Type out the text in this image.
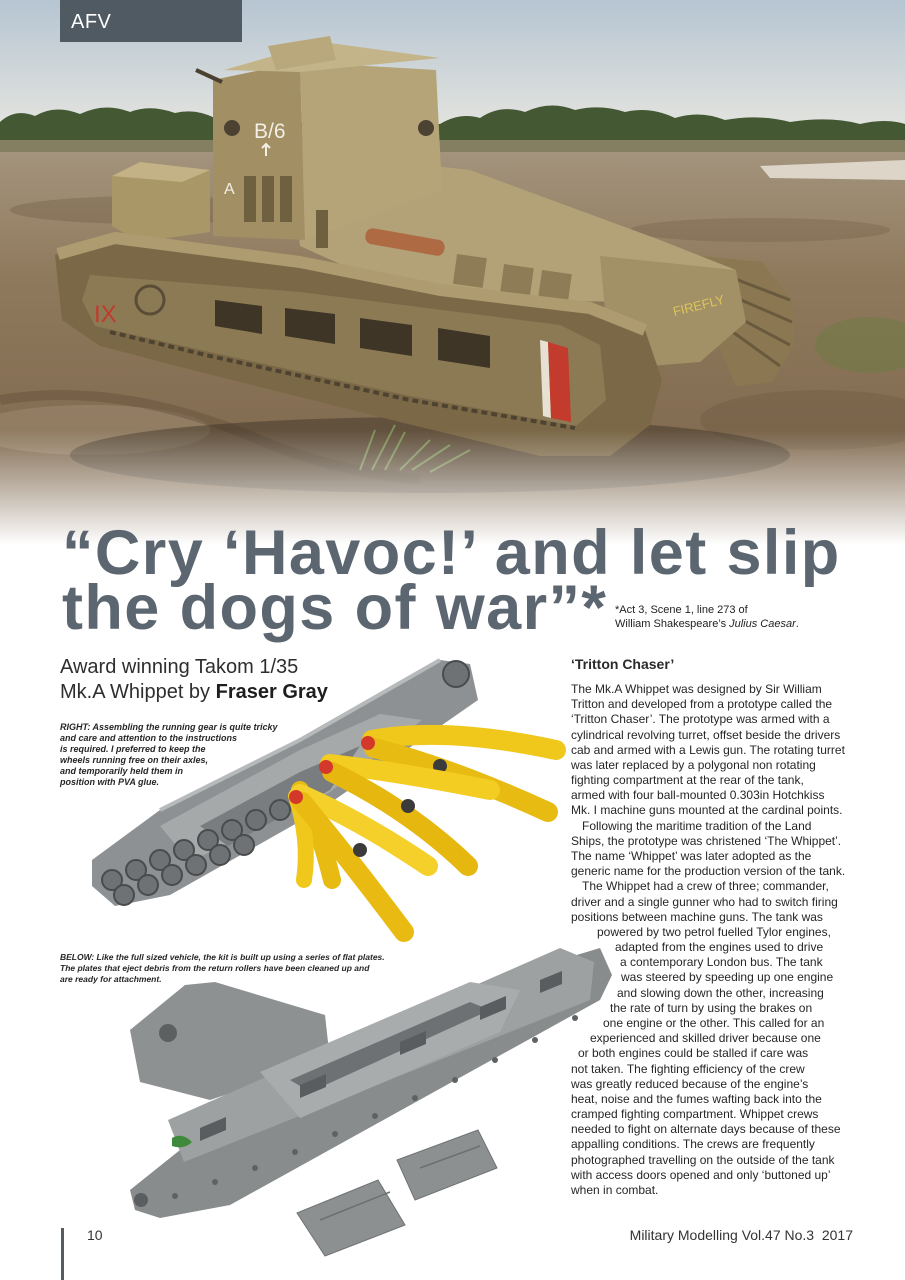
FIREFLY
B/6
A
IX
AFV
“Cry ‘Havoc!’ and let slip
the dogs of war”* *Act 3, Scene 1, line 273 of
William Shakespeare’s Julius Caesar.
Award winning Takom 1/35
Mk.A Whippet by Fraser Gray
RIGHT: Assembling the running gear is quite tricky
and care and attention to the instructions
is required. I preferred to keep the
wheels running free on their axles,
and temporarily held them in
position with PVA glue.
BELOW: Like the full sized vehicle, the kit is built up using a series of flat plates.
The plates that eject debris from the return rollers have been cleaned up and
are ready for attachment.
‘Tritton Chaser’
The Mk.A Whippet was designed by Sir William
Tritton and developed from a prototype called the
‘Tritton Chaser’. The prototype was armed with a
cylindrical revolving turret, offset beside the drivers
cab and armed with a Lewis gun. The rotating turret
was later replaced by a polygonal non rotating
fighting compartment at the rear of the tank,
armed with four ball-mounted 0.303in Hotchkiss
Mk. I machine guns mounted at the cardinal points.
Following the maritime tradition of the Land
Ships, the prototype was christened ‘The Whippet’.
The name ‘Whippet’ was later adopted as the
generic name for the production version of the tank.
The Whippet had a crew of three; commander,
driver and a single gunner who had to switch firing
positions between machine guns. The tank was
powered by two petrol fuelled Tylor engines,
adapted from the engines used to drive
a contemporary London bus. The tank
was steered by speeding up one engine
and slowing down the other, increasing
the rate of turn by using the brakes on
one engine or the other. This called for an
experienced and skilled driver because one
or both engines could be stalled if care was
not taken. The fighting efficiency of the crew
was greatly reduced because of the engine’s
heat, noise and the fumes wafting back into the
cramped fighting compartment. Whippet crews
needed to fight on alternate days because of these
appalling conditions. The crews are frequently
photographed travelling on the outside of the tank
with access doors opened and only ‘buttoned up’
when in combat.
10	Military Modelling Vol.47 No.3  2017
